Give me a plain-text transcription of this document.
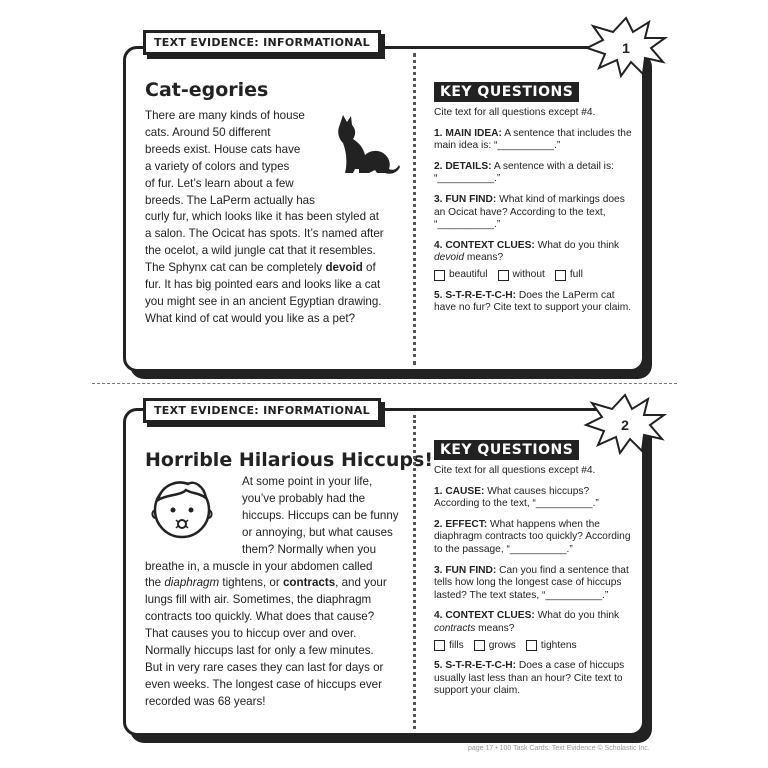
Cat-egories

There are many kinds of house

cats. Around 50 different

breeds exist. House cats have

a variety of colors and types

of fur. Let’s learn about a few

breeds. The LaPerm actually has

curly fur, which looks like it has been styled at

a salon. The Ocicat has spots. It’s named after

the ocelot, a wild jungle cat that it resembles.

The Sphynx cat can be completely devoid of

fur. It has big pointed ears and looks like a cat

you might see in an ancient Egyptian drawing.

What kind of cat would you like as a pet?

KEY QUESTIONS

Cite text for all questions except #4.

1. MAIN IDEA: A sentence that includes the main idea is: “__________.”

2. DETAILS: A sentence with a detail is: “__________.”

3. FUN FIND: What kind of markings does an Ocicat have? According to the text, “__________.”

4. CONTEXT CLUES: What do you think devoid means?

beautiful without full

5. S-T-R-E-T-C-H: Does the LaPerm cat have no fur? Cite text to support your claim.

TEXT EVIDENCE: INFORMATIONAL	1
Horrible Hilarious Hiccups!

At some point in your life,

you’ve probably had the

hiccups. Hiccups can be funny

or annoying, but what causes

them? Normally when you

breathe in, a muscle in your abdomen called

the diaphragm tightens, or contracts, and your

lungs fill with air. Sometimes, the diaphragm

contracts too quickly. What does that cause?

That causes you to hiccup over and over.

Normally hiccups last for only a few minutes.

But in very rare cases they can last for days or

even weeks. The longest case of hiccups ever

recorded was 68 years!

KEY QUESTIONS

Cite text for all questions except #4.

1. CAUSE: What causes hiccups? According to the text, “__________.”

2. EFFECT: What happens when the diaphragm contracts too quickly? According to the passage, “__________.”

3. FUN FIND: Can you find a sentence that tells how long the longest case of hiccups lasted? The text states, “__________.”

4. CONTEXT CLUES: What do you think contracts means?

fills grows tightens

5. S-T-R-E-T-C-H: Does a case of hiccups usually last less than an hour? Cite text to support your claim.

TEXT EVIDENCE: INFORMATIONAL
2
page 17 • 100 Task Cards: Text Evidence © Scholastic Inc.
